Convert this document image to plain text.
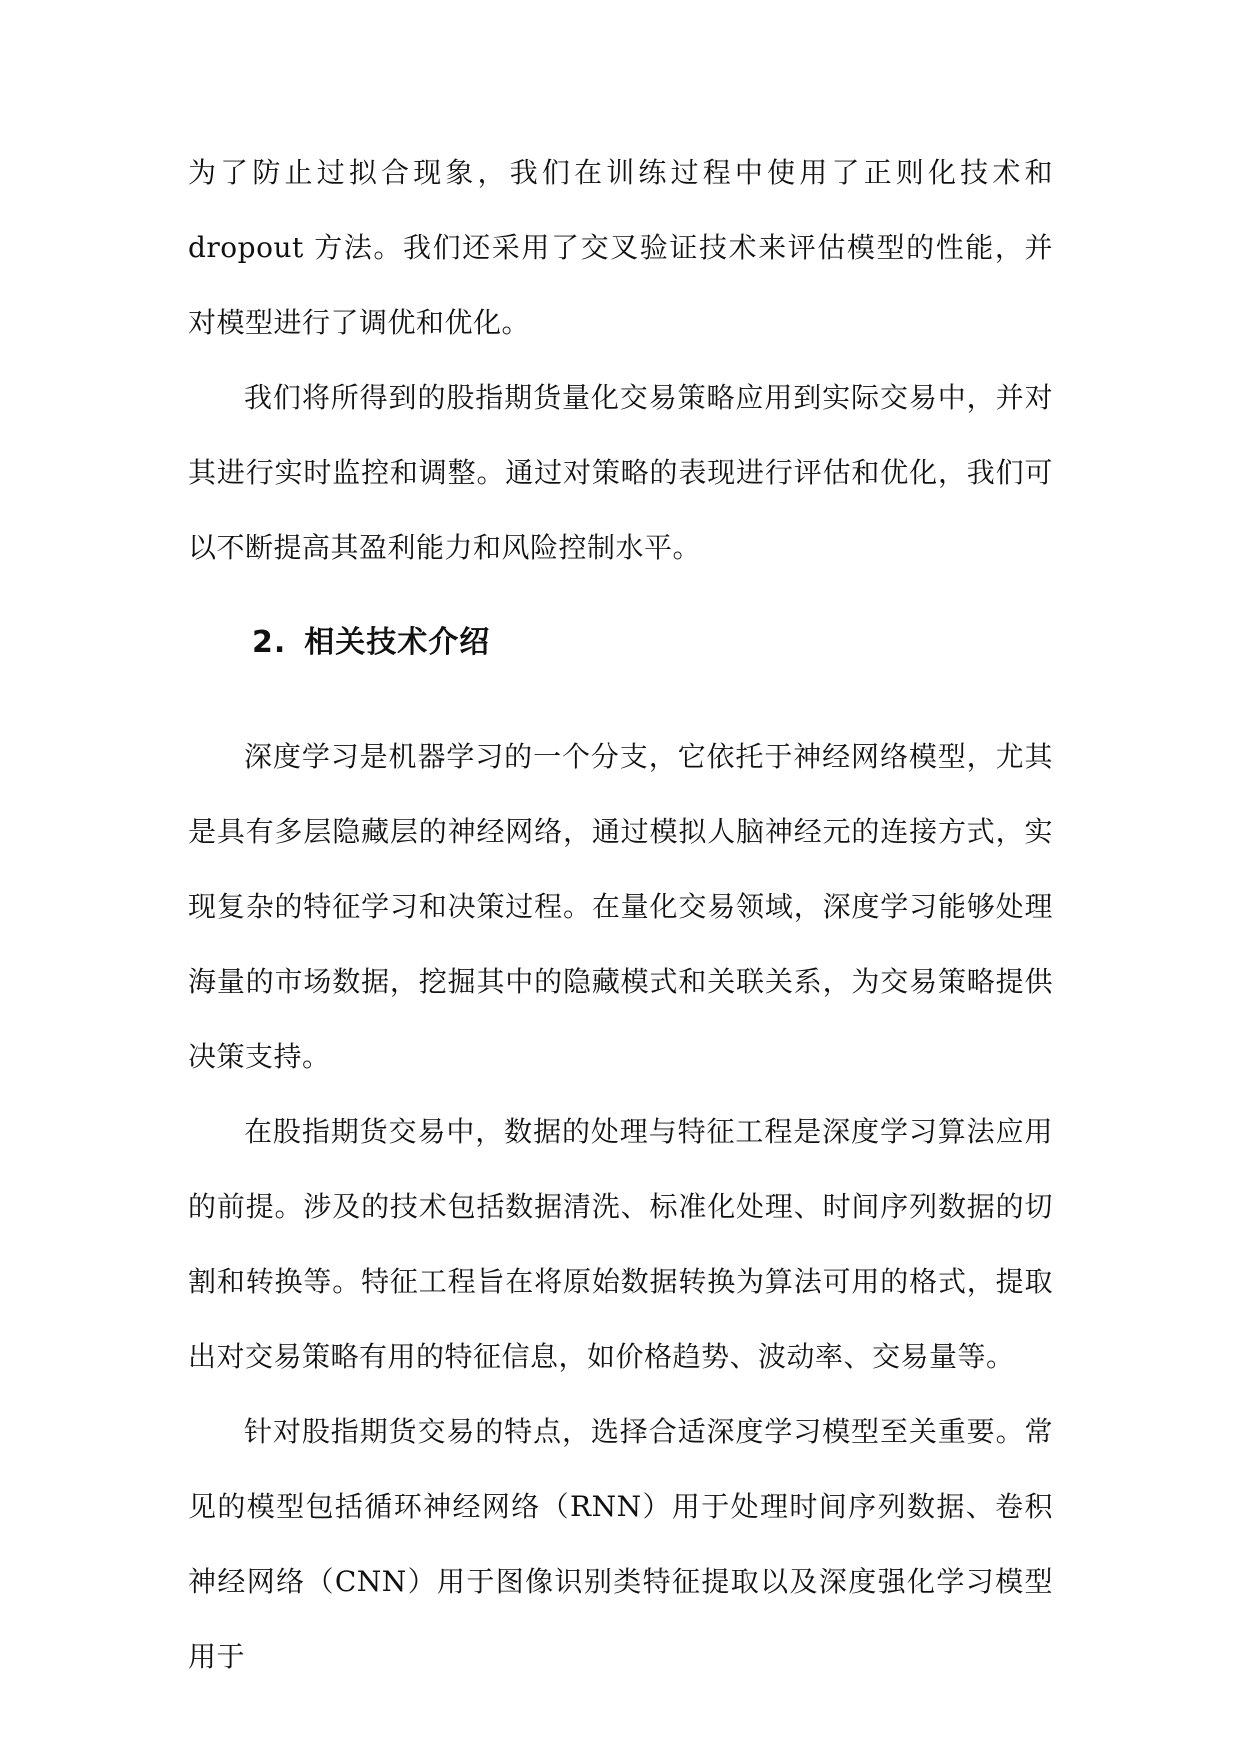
为了防止过拟合现象，我们在训练过程中使用了正则化技术和dropout 方法。我们还采用了交叉验证技术来评估模型的性能，并对模型进行了调优和优化。

我们将所得到的股指期货量化交易策略应用到实际交易中，并对其进行实时监控和调整。通过对策略的表现进行评估和优化，我们可以不断提高其盈利能力和风险控制水平。

2. 相关技术介绍

深度学习是机器学习的一个分支，它依托于神经网络模型，尤其是具有多层隐藏层的神经网络，通过模拟人脑神经元的连接方式，实现复杂的特征学习和决策过程。在量化交易领域，深度学习能够处理海量的市场数据，挖掘其中的隐藏模式和关联关系，为交易策略提供决策支持。

在股指期货交易中，数据的处理与特征工程是深度学习算法应用的前提。涉及的技术包括数据清洗、标准化处理、时间序列数据的切割和转换等。特征工程旨在将原始数据转换为算法可用的格式，提取出对交易策略有用的特征信息，如价格趋势、波动率、交易量等。

针对股指期货交易的特点，选择合适深度学习模型至关重要。常见的模型包括循环神经网络（RNN）用于处理时间序列数据、卷积神经网络（CNN）用于图像识别类特征提取以及深度强化学习模型用于
